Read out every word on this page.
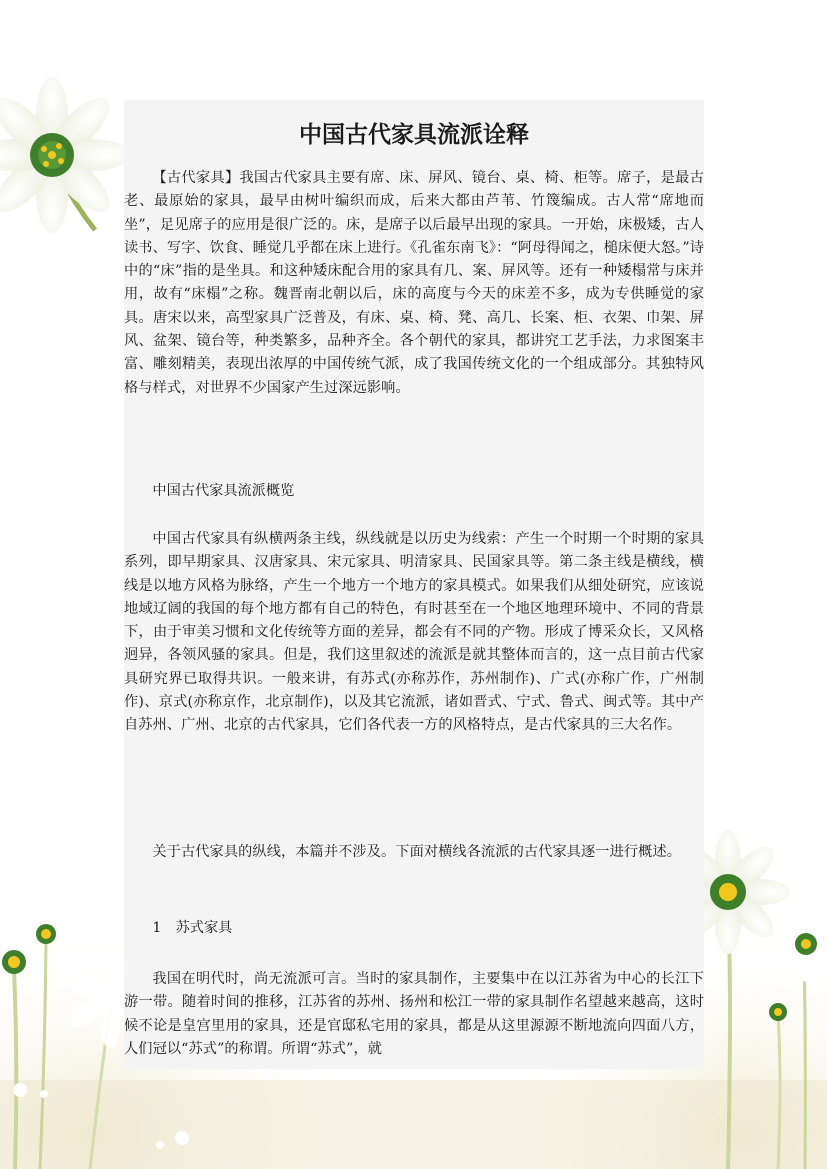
中国古代家具流派诠释

【古代家具】我国古代家具主要有席、床、屏风、镜台、桌、椅、柜等。席子，是最古老、最原始的家具，最早由树叶编织而成，后来大都由芦苇、竹篾编成。古人常“席地而坐”，足见席子的应用是很广泛的。床，是席子以后最早出现的家具。一开始，床极矮，古人读书、写字、饮食、睡觉几乎都在床上进行。《孔雀东南飞》：“阿母得闻之，槌床便大怒。”诗中的“床”指的是坐具。和这种矮床配合用的家具有几、案、屏风等。还有一种矮榻常与床并用，故有“床榻”之称。魏晋南北朝以后，床的高度与今天的床差不多，成为专供睡觉的家具。唐宋以来，高型家具广泛普及，有床、桌、椅、凳、高几、长案、柜、衣架、巾架、屏风、盆架、镜台等，种类繁多，品种齐全。各个朝代的家具，都讲究工艺手法，力求图案丰富、雕刻精美，表现出浓厚的中国传统气派，成了我国传统文化的一个组成部分。其独特风格与样式，对世界不少国家产生过深远影响。

中国古代家具流派概览

中国古代家具有纵横两条主线，纵线就是以历史为线索：产生一个时期一个时期的家具系列，即早期家具、汉唐家具、宋元家具、明清家具、民国家具等。第二条主线是横线，横线是以地方风格为脉络，产生一个地方一个地方的家具模式。如果我们从细处研究，应该说地域辽阔的我国的每个地方都有自己的特色，有时甚至在一个地区地理环境中、不同的背景下，由于审美习惯和文化传统等方面的差异，都会有不同的产物。形成了博采众长，又风格迥异，各领风骚的家具。但是，我们这里叙述的流派是就其整体而言的，这一点目前古代家具研究界已取得共识。一般来讲，有苏式(亦称苏作，苏州制作)、广式(亦称广作，广州制作)、京式(亦称京作，北京制作)，以及其它流派，诸如晋式、宁式、鲁式、闽式等。其中产自苏州、广州、北京的古代家具，它们各代表一方的风格特点，是古代家具的三大名作。

关于古代家具的纵线，本篇并不涉及。下面对横线各流派的古代家具逐一进行概述。

1　苏式家具

我国在明代时，尚无流派可言。当时的家具制作，主要集中在以江苏省为中心的长江下游一带。随着时间的推移，江苏省的苏州、扬州和松江一带的家具制作名望越来越高，这时候不论是皇宫里用的家具，还是官邸私宅用的家具，都是从这里源源不断地流向四面八方，人们冠以“苏式”的称谓。所谓“苏式”，就
